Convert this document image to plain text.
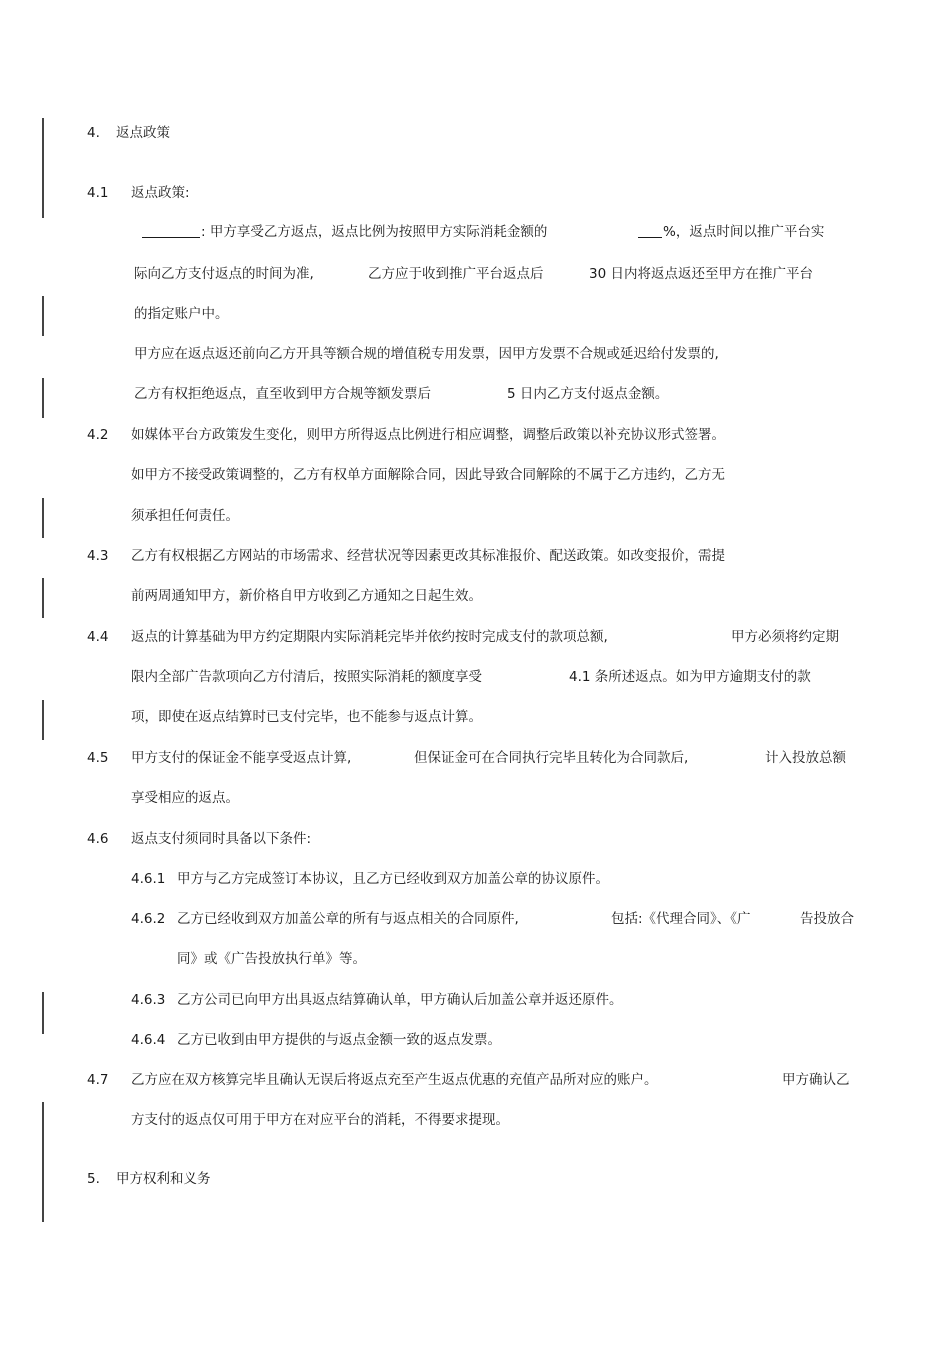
4. 返点政策
4.1 返点政策:
: 甲方享受乙方返点，返点比例为按照甲方实际消耗金额的	%，返点时间以推广平台实
际向乙方支付返点的时间为准,	乙方应于收到推广平台返点后	30 日内将返点返还至甲方在推广平台
的指定账户中。
甲方应在返点返还前向乙方开具等额合规的增值税专用发票，因甲方发票不合规或延迟给付发票的,
乙方有权拒绝返点，直至收到甲方合规等额发票后	5 日内乙方支付返点金额。
4.2 如媒体平台方政策发生变化，则甲方所得返点比例进行相应调整，调整后政策以补充协议形式签署。
如甲方不接受政策调整的，乙方有权单方面解除合同，因此导致合同解除的不属于乙方违约，乙方无
须承担任何责任。
4.3 乙方有权根据乙方网站的市场需求、经营状况等因素更改其标准报价、配送政策。如改变报价，需提
前两周通知甲方，新价格自甲方收到乙方通知之日起生效。
4.4 返点的计算基础为甲方约定期限内实际消耗完毕并依约按时完成支付的款项总额,	甲方必须将约定期
限内全部广告款项向乙方付清后，按照实际消耗的额度享受	4.1 条所述返点。如为甲方逾期支付的款
项，即使在返点结算时已支付完毕，也不能参与返点计算。
4.5 甲方支付的保证金不能享受返点计算,	但保证金可在合同执行完毕且转化为合同款后,	计入投放总额
享受相应的返点。
4.6 返点支付须同时具备以下条件:
4.6.1 甲方与乙方完成签订本协议，且乙方已经收到双方加盖公章的协议原件。
4.6.2 乙方已经收到双方加盖公章的所有与返点相关的合同原件,	包括:《代理合同》、《广	告投放合
同》或《广告投放执行单》等。
4.6.3 乙方公司已向甲方出具返点结算确认单，甲方确认后加盖公章并返还原件。
4.6.4 乙方已收到由甲方提供的与返点金额一致的返点发票。
4.7 乙方应在双方核算完毕且确认无误后将返点充至产生返点优惠的充值产品所对应的账户。	甲方确认乙
方支付的返点仅可用于甲方在对应平台的消耗，不得要求提现。
5. 甲方权利和义务
